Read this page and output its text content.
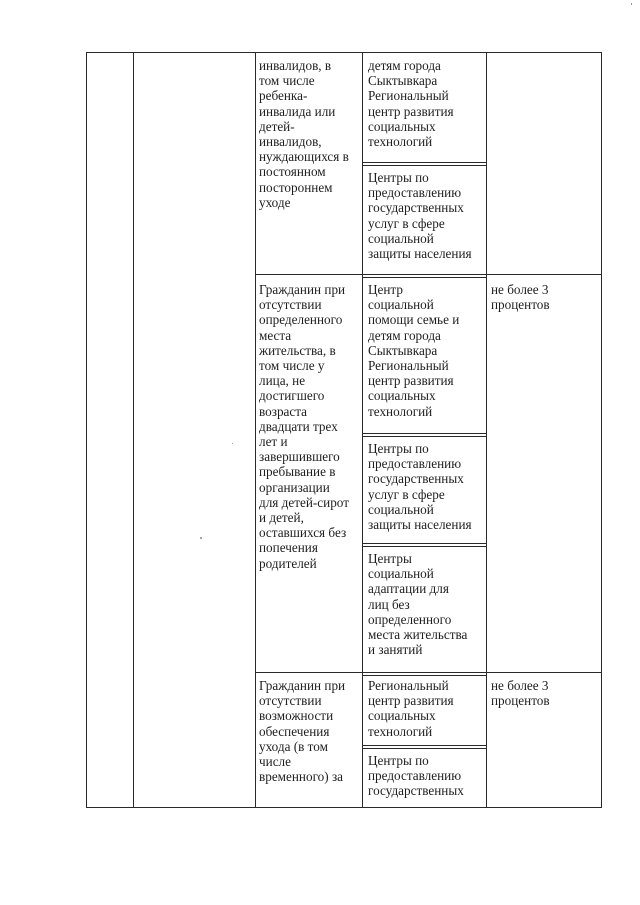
инвалидов, в
том числе
ребенка-
инвалида или
детей-
инвалидов,
нуждающихся в
постоянном
постороннем
уходе
детям города
Сыктывкара
Региональный
центр развития
социальных
технологий
Центры по
предоставлению
государственных
услуг в сфере
социальной
защиты населения
Гражданин при
отсутствии
определенного
места
жительства, в
том числе у
лица, не
достигшего
возраста
двадцати трех
лет и
завершившего
пребывание в
организации
для детей-сирот
и детей,
оставшихся без
попечения
родителей
Центр
социальной
помощи семье и
детям города
Сыктывкара
Региональный
центр развития
социальных
технологий
Центры по
предоставлению
государственных
услуг в сфере
социальной
защиты населения
Центры
социальной
адаптации для
лиц без
определенного
места жительства
и занятий
не более 3
процентов
Гражданин при
отсутствии
возможности
обеспечения
ухода (в том
числе
временного) за
Региональный
центр развития
социальных
технологий
Центры по
предоставлению
государственных
не более 3
процентов
